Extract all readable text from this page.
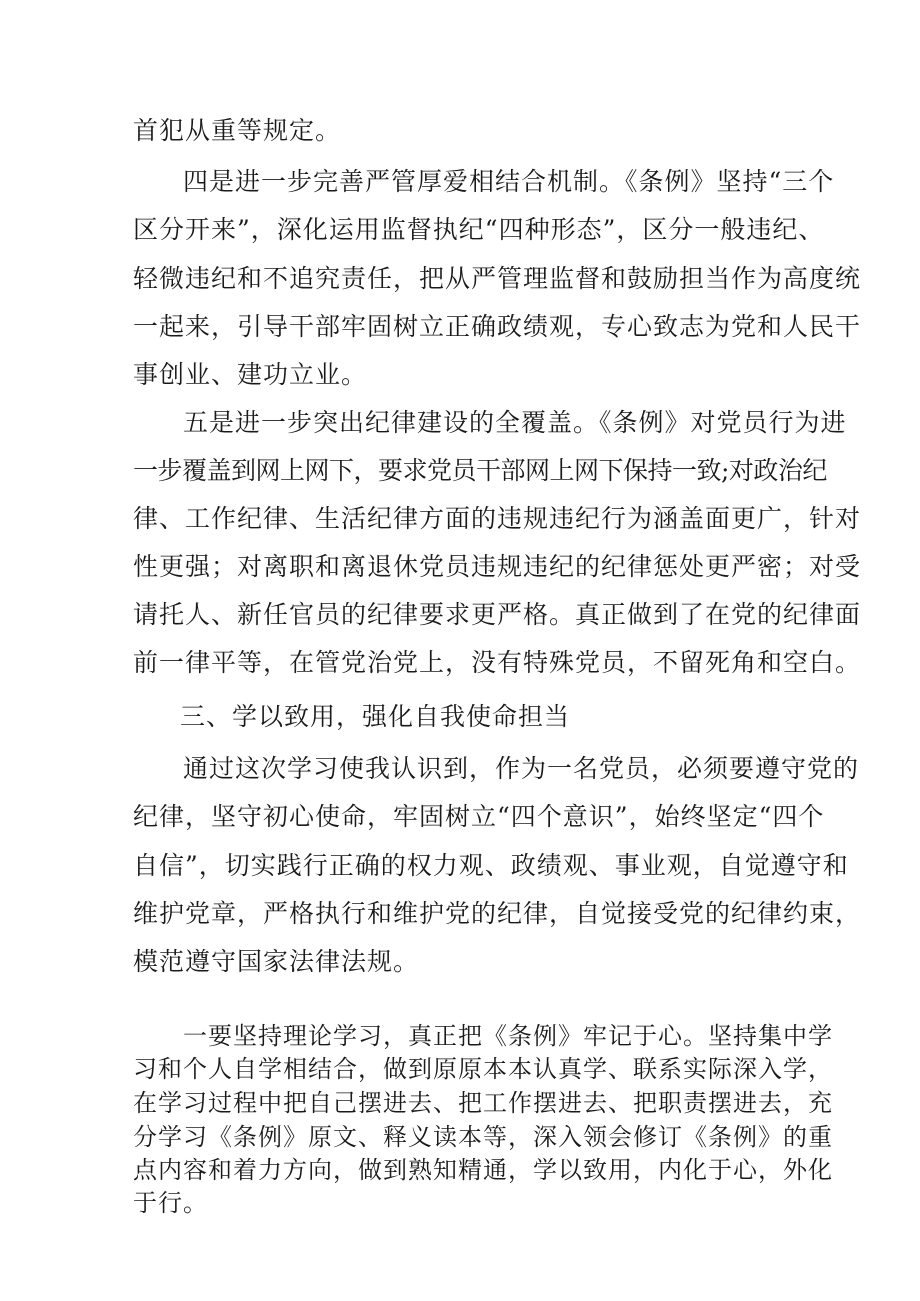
首犯从重等规定。
四是进一步完善严管厚爱相结合机制。《条例》坚持“三个
区分开来”，深化运用监督执纪“四种形态”，区分一般违纪、
轻微违纪和不追究责任，把从严管理监督和鼓励担当作为高度统
一起来，引导干部牢固树立正确政绩观，专心致志为党和人民干
事创业、建功立业。
五是进一步突出纪律建设的全覆盖。《条例》对党员行为进
一步覆盖到网上网下，要求党员干部网上网下保持一致;对政治纪
律、工作纪律、生活纪律方面的违规违纪行为涵盖面更广，针对
性更强；对离职和离退休党员违规违纪的纪律惩处更严密；对受
请托人、新任官员的纪律要求更严格。真正做到了在党的纪律面
前一律平等，在管党治党上，没有特殊党员，不留死角和空白。
三、学以致用，强化自我使命担当
通过这次学习使我认识到，作为一名党员，必须要遵守党的
纪律，坚守初心使命，牢固树立“四个意识”，始终坚定“四个
自信”，切实践行正确的权力观、政绩观、事业观，自觉遵守和
维护党章，严格执行和维护党的纪律，自觉接受党的纪律约束，
模范遵守国家法律法规。
一要坚持理论学习，真正把《条例》牢记于心。坚持集中学
习和个人自学相结合，做到原原本本认真学、联系实际深入学，
在学习过程中把自己摆进去、把工作摆进去、把职责摆进去，充
分学习《条例》原文、释义读本等，深入领会修订《条例》的重
点内容和着力方向，做到熟知精通，学以致用，内化于心，外化
于行。
